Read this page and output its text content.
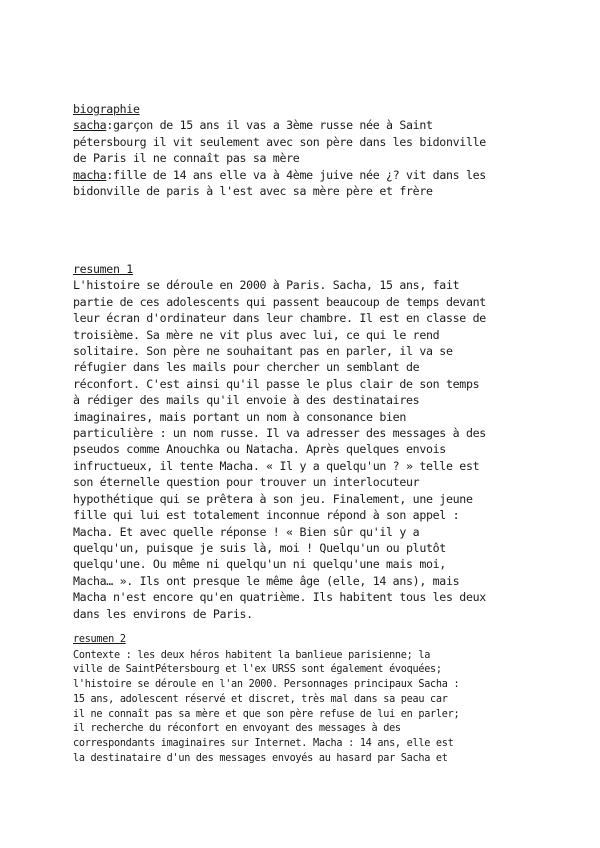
biographie
sacha:garçon de 15 ans il vas a 3ème russe née à Saint
pétersbourg il vit seulement avec son père dans les bidonville
de Paris il ne connaît pas sa mère
macha:fille de 14 ans elle va à 4ème juive née ¿? vit dans les
bidonville de paris à l'est avec sa mère père et frère
resumen 1
L'histoire se déroule en 2000 à Paris. Sacha, 15 ans, fait
partie de ces adolescents qui passent beaucoup de temps devant
leur écran d'ordinateur dans leur chambre. Il est en classe de
troisième. Sa mère ne vit plus avec lui, ce qui le rend
solitaire. Son père ne souhaitant pas en parler, il va se
réfugier dans les mails pour chercher un semblant de
réconfort. C'est ainsi qu'il passe le plus clair de son temps
à rédiger des mails qu'il envoie à des destinataires
imaginaires, mais portant un nom à consonance bien
particulière : un nom russe. Il va adresser des messages à des
pseudos comme Anouchka ou Natacha. Après quelques envois
infructueux, il tente Macha. « Il y a quelqu'un ? » telle est
son éternelle question pour trouver un interlocuteur
hypothétique qui se prêtera à son jeu. Finalement, une jeune
fille qui lui est totalement inconnue répond à son appel :
Macha. Et avec quelle réponse ! « Bien sûr qu'il y a
quelqu'un, puisque je suis là, moi ! Quelqu'un ou plutôt
quelqu'une. Ou même ni quelqu'un ni quelqu'une mais moi,
Macha… ». Ils ont presque le même âge (elle, 14 ans), mais
Macha n'est encore qu'en quatrième. Ils habitent tous les deux
dans les environs de Paris.
resumen 2
Contexte : les deux héros habitent la banlieue parisienne; la
ville de SaintPétersbourg et l'ex URSS sont également évoquées;
l'histoire se déroule en l'an 2000. Personnages principaux Sacha :
15 ans, adolescent réservé et discret, très mal dans sa peau car
il ne connaît pas sa mère et que son père refuse de lui en parler;
il recherche du réconfort en envoyant des messages à des
correspondants imaginaires sur Internet. Macha : 14 ans, elle est
la destinataire d'un des messages envoyés au hasard par Sacha et
